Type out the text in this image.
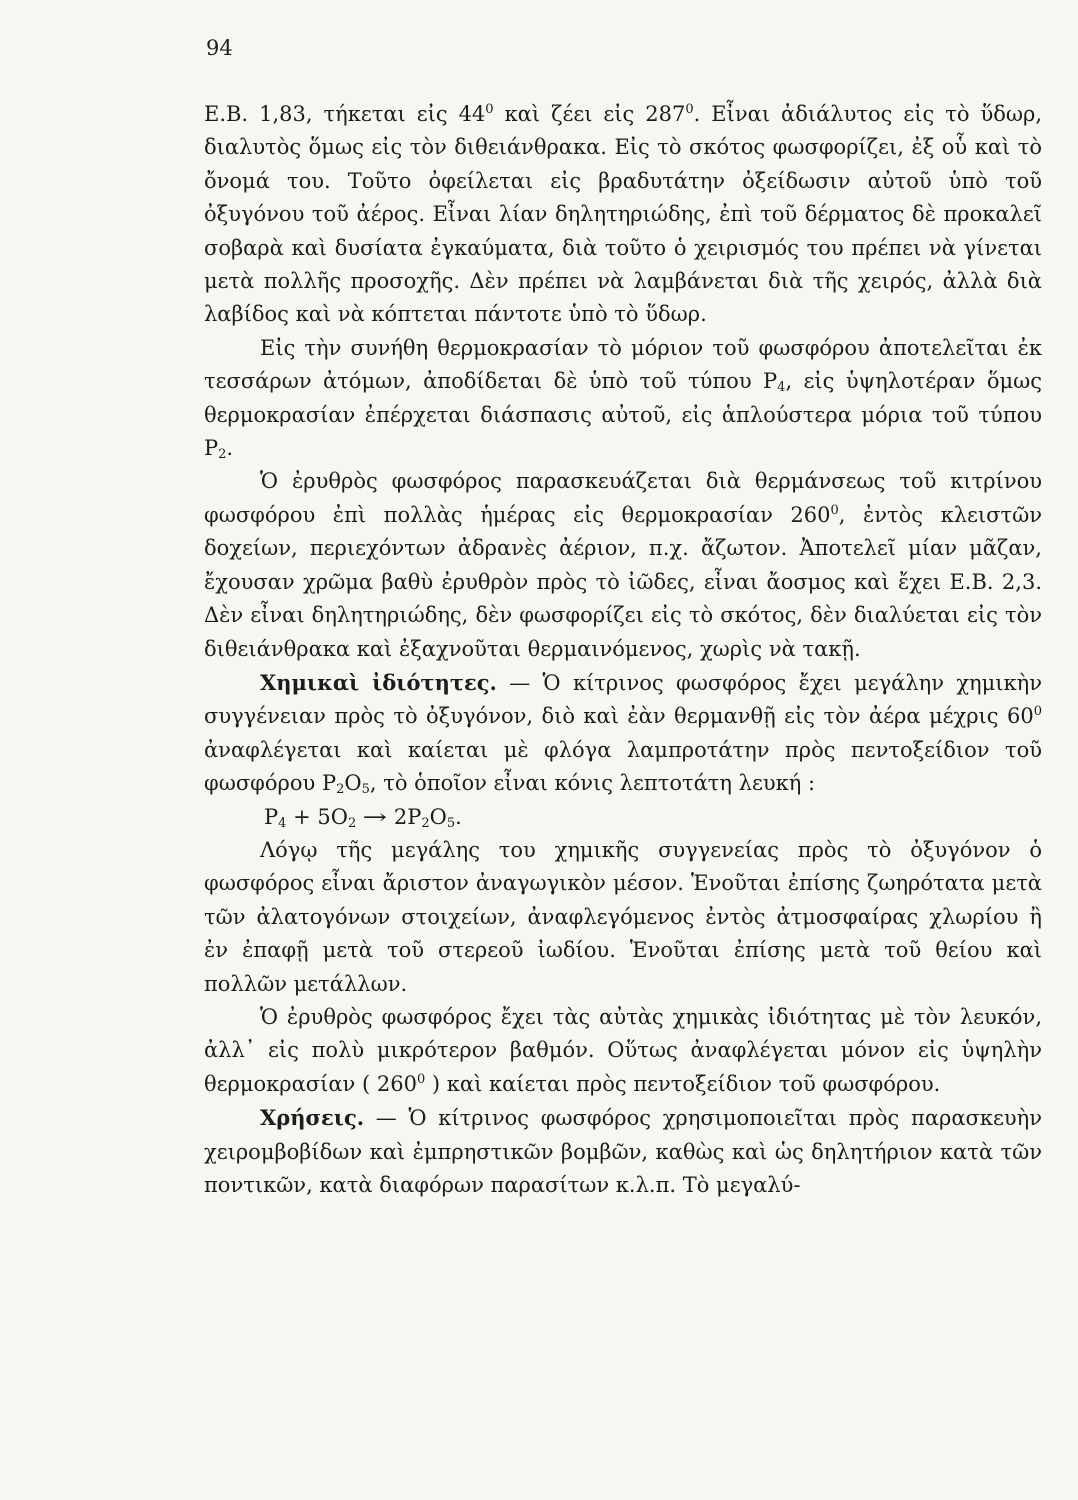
94

E.B. 1,83, τήκεται εἰς $44^0$ καὶ ζέει εἰς $287^0$. Εἶναι ἀδιάλυτος εἰς τὸ ὕδωρ, διαλυτὸς ὅμως εἰς τὸν διθειάνθρακα. Εἰς τὸ σκότος φωσφορίζει, ἐξ οὗ καὶ τὸ ὄνομά του. Τοῦτο ὀφείλεται εἰς βραδυτάτην ὀξείδωσιν αὐτοῦ ὑπὸ τοῦ ὀξυγόνου τοῦ ἀέρος. Εἶναι λίαν δηλητηριώδης, ἐπὶ τοῦ δέρματος δὲ προκαλεῖ σοβαρὰ καὶ δυσίατα ἐγκαύματα, διὰ τοῦτο ὁ χειρισμός του πρέπει νὰ γίνεται μετὰ πολλῆς προσοχῆς. Δὲν πρέπει νὰ λαμβάνεται διὰ τῆς χειρός, ἀλλὰ διὰ λαβίδος καὶ νὰ κόπτεται πάντοτε ὑπὸ τὸ ὕδωρ.

Εἰς τὴν συνήθη θερμοκρασίαν τὸ μόριον τοῦ φωσφόρου ἀποτελεῖται ἐκ τεσσάρων ἀτόμων, ἀποδίδεται δὲ ὑπὸ τοῦ τύπου $P_4$, εἰς ὑψηλοτέραν ὅμως θερμοκρασίαν ἐπέρχεται διάσπασις αὐτοῦ, εἰς ἁπλούστερα μόρια τοῦ τύπου $P_2$.

Ὁ ἐρυθρὸς φωσφόρος παρασκευάζεται διὰ θερμάνσεως τοῦ κιτρίνου φωσφόρου ἐπὶ πολλὰς ἡμέρας εἰς θερμοκρασίαν $260^0$, ἐντὸς κλειστῶν δοχείων, περιεχόντων ἀδρανὲς ἀέριον, π.χ. ἄζωτον. Ἀποτελεῖ μίαν μᾶζαν, ἔχουσαν χρῶμα βαθὺ ἐρυθρὸν πρὸς τὸ ἰῶδες, εἶναι ἄοσμος καὶ ἔχει E.B. 2,3. Δὲν εἶναι δηλητηριώδης, δὲν φωσφορίζει εἰς τὸ σκότος, δὲν διαλύεται εἰς τὸν διθειάνθρακα καὶ ἐξαχνοῦται θερμαινόμενος, χωρὶς νὰ τακῇ.

Χημικαὶ ἰδιότητες. — Ὁ κίτρινος φωσφόρος ἔχει μεγάλην χημικὴν συγγένειαν πρὸς τὸ ὀξυγόνον, διὸ καὶ ἐὰν θερμανθῇ εἰς τὸν ἀέρα μέχρις $60^0$ ἀναφλέγεται καὶ καίεται μὲ φλόγα λαμπροτάτην πρὸς πεντοξείδιον τοῦ φωσφόρου $P_2O_5$, τὸ ὁποῖον εἶναι κόνις λεπτοτάτη λευκή :

$P_4 + 5O_2 \to 2P_2O_5$.

Λόγῳ τῆς μεγάλης του χημικῆς συγγενείας πρὸς τὸ ὀξυγόνον ὁ φωσφόρος εἶναι ἄριστον ἀναγωγικὸν μέσον. Ἑνοῦται ἐπίσης ζωηρότατα μετὰ τῶν ἀλατογόνων στοιχείων, ἀναφλεγόμενος ἐντὸς ἀτμοσφαίρας χλωρίου ἢ ἐν ἐπαφῇ μετὰ τοῦ στερεοῦ ἰωδίου. Ἑνοῦται ἐπίσης μετὰ τοῦ θείου καὶ πολλῶν μετάλλων.

Ὁ ἐρυθρὸς φωσφόρος ἔχει τὰς αὐτὰς χημικὰς ἰδιότητας μὲ τὸν λευκόν, ἀλλ᾽ εἰς πολὺ μικρότερον βαθμόν. Οὕτως ἀναφλέγεται μόνον εἰς ὑψηλὴν θερμοκρασίαν ( $260^0$ ) καὶ καίεται πρὸς πεντοξείδιον τοῦ φωσφόρου.

Χρήσεις. — Ὁ κίτρινος φωσφόρος χρησιμοποιεῖται πρὸς παρασκευὴν χειρομβοβίδων καὶ ἐμπρηστικῶν βομβῶν, καθὼς καὶ ὡς δηλητήριον κατὰ τῶν ποντικῶν, κατὰ διαφόρων παρασίτων κ.λ.π. Τὸ μεγαλύ-
